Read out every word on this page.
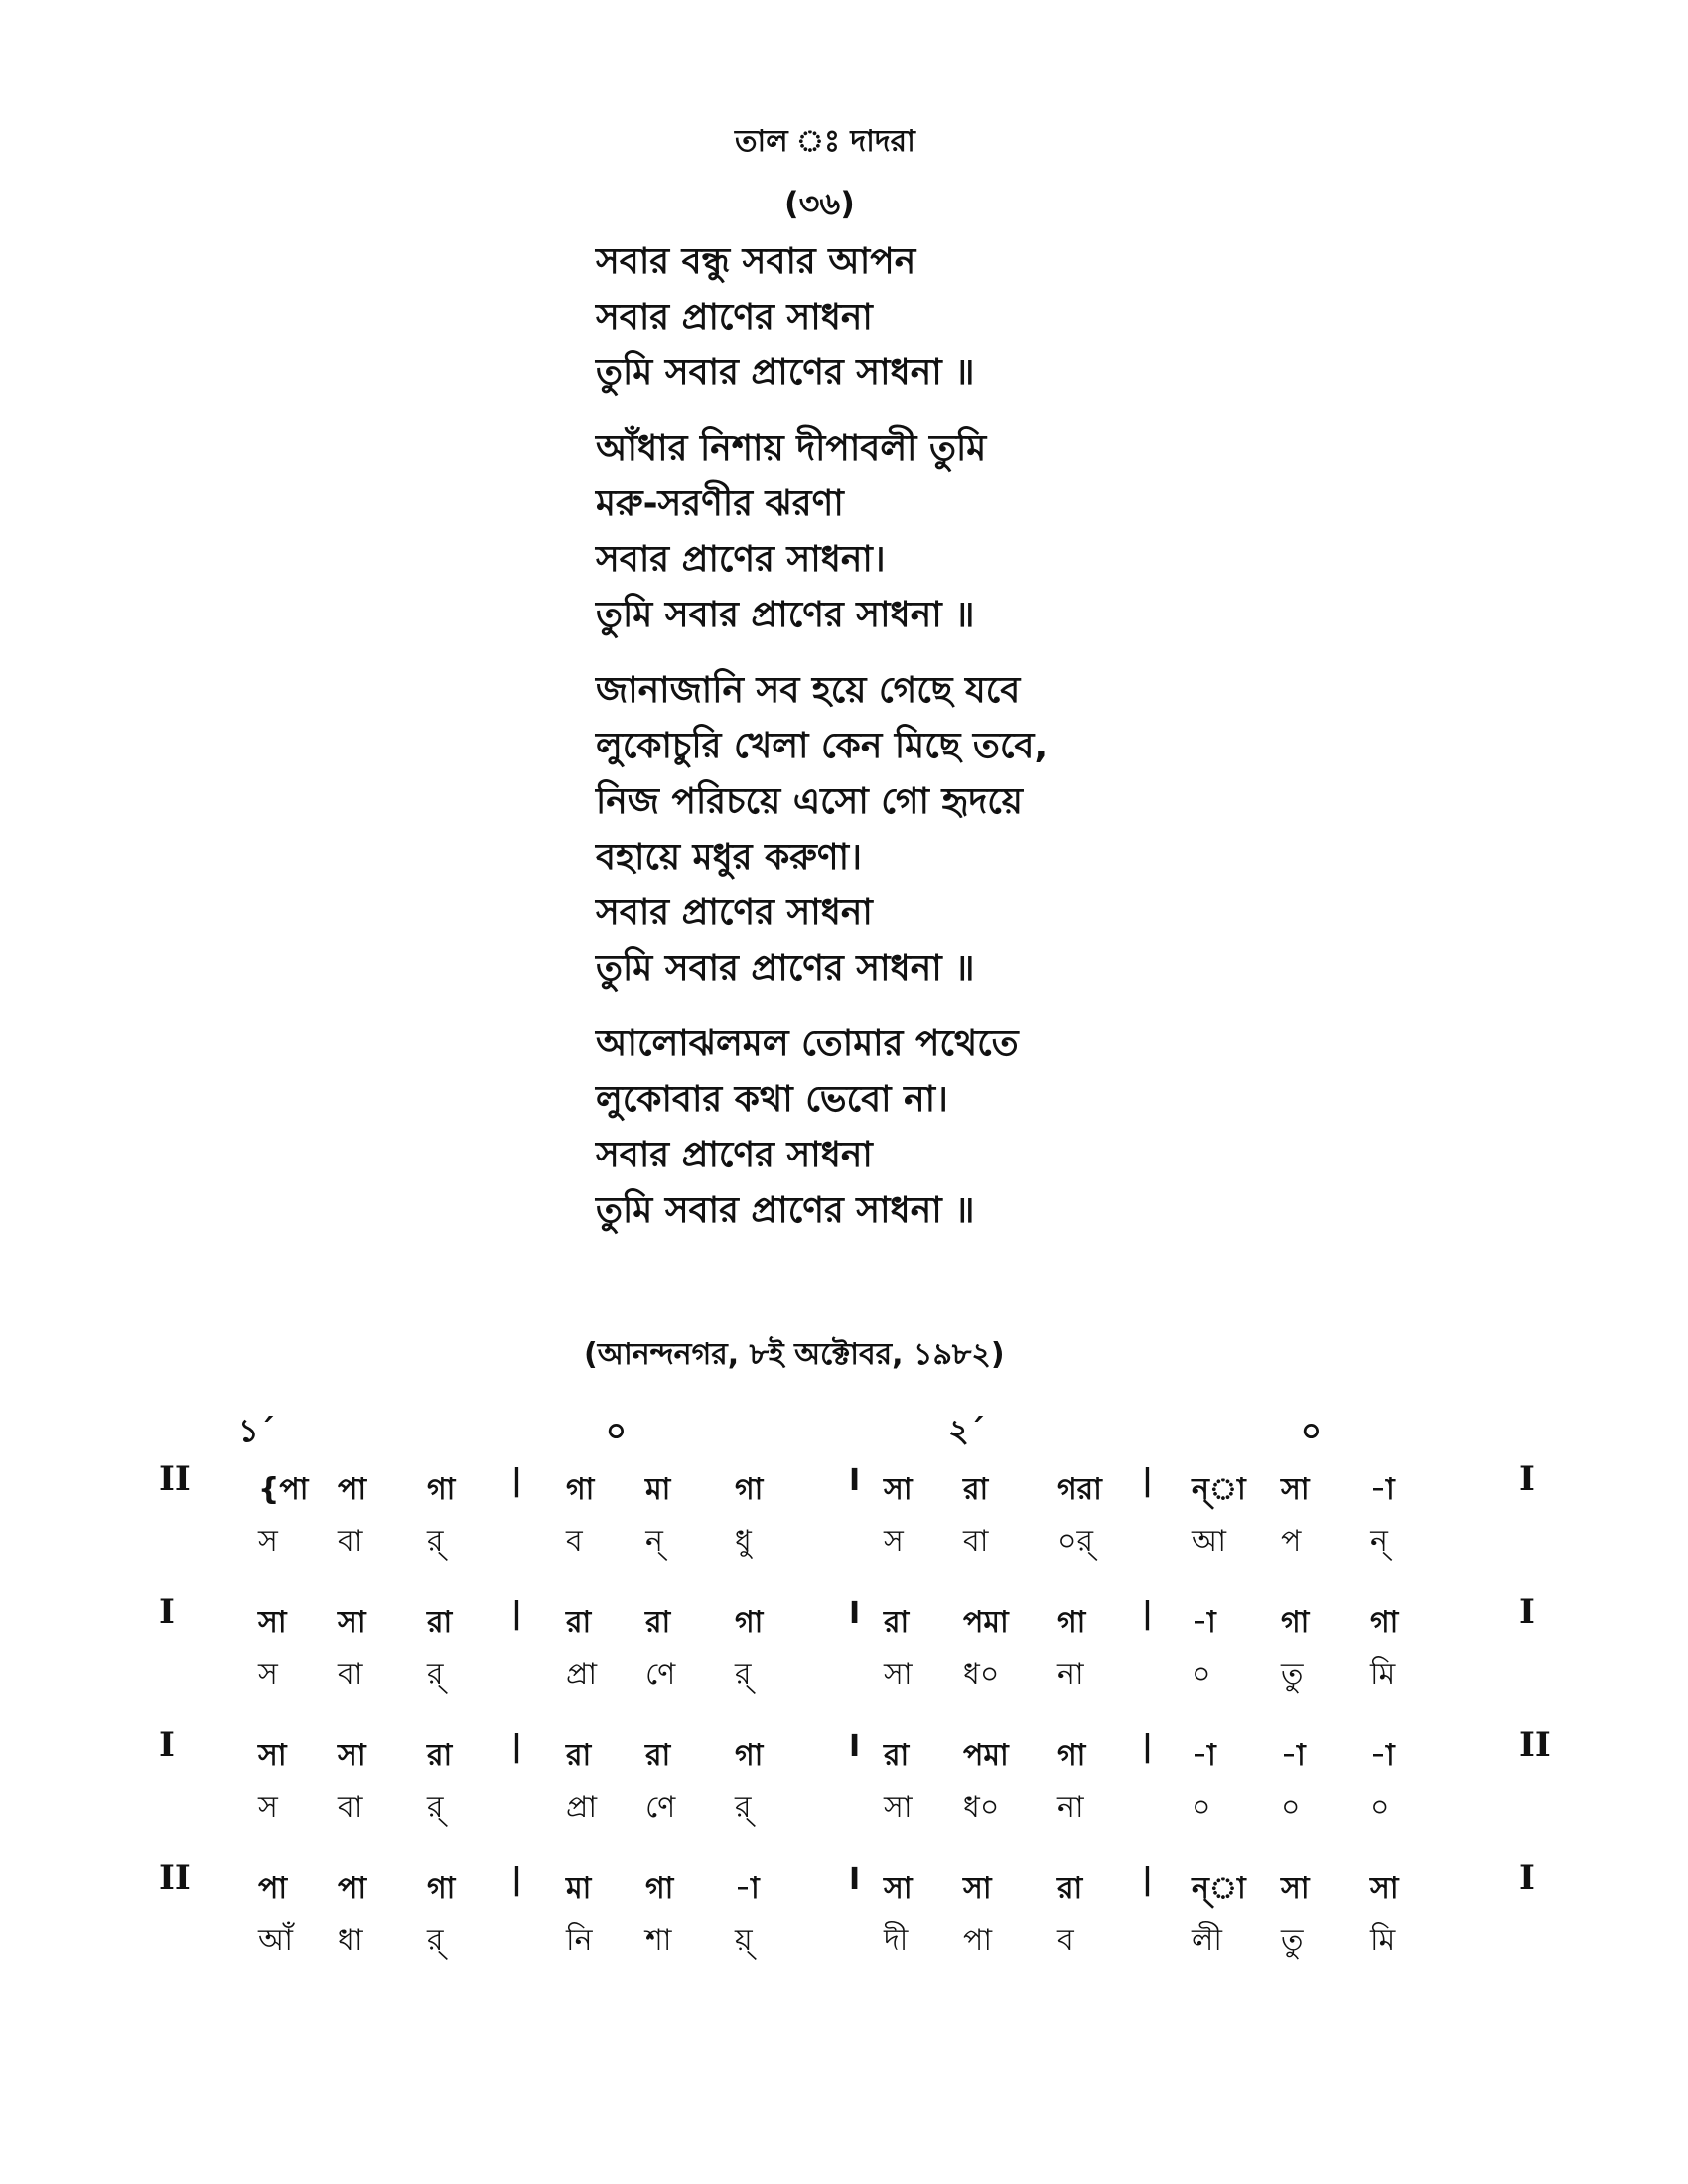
তাল ঃ দাদরা
(৩৬)
সবার বন্ধু সবার আপন
সবার প্রাণের সাধনা
তুমি সবার প্রাণের সাধনা ॥
আঁধার নিশায় দীপাবলী তুমি
মরু-সরণীর ঝরণা
সবার প্রাণের সাধনা।
তুমি সবার প্রাণের সাধনা ॥
জানাজানি সব হয়ে গেছে যবে
লুকোচুরি খেলা কেন মিছে তবে,
নিজ পরিচয়ে এসো গো হৃদয়ে
বহায়ে মধুর করুণা।
সবার প্রাণের সাধনা
তুমি সবার প্রাণের সাধনা ॥
আলোঝলমল তোমার পথেতে
লুকোবার কথা ভেবো না।
সবার প্রাণের সাধনা
তুমি সবার প্রাণের সাধনা ॥
(আনন্দনগর, ৮ই অক্টোবর, ১৯৮২)
১´	০	২´	০
II {পা পা গা	গা মা গা	সা রা গরা	ন্‌া সা -া
|	I	|	I
স বা র্‌	ব ন্‌ ধু	স বা ০র্‌	আ প ন্‌
I	সা সা রা	রা রা গা	রা পমা গা	-া গা গা
|	I	|	I
স বা র্‌	প্রা ণে র্‌	সা ধ০ না	০ তু মি
I	সা সা রা	রা রা গা	রা পমা গা	-া -া -া
|	I	|	II
স বা র্‌	প্রা ণে র্‌	সা ধ০ না	০ ০ ০
II পা পা গা	মা গা -া	সা সা রা	ন্‌া সা সা
|	I	|	I
আঁ ধা র্‌	নি শা য়্‌	দী পা ব	লী তু মি
